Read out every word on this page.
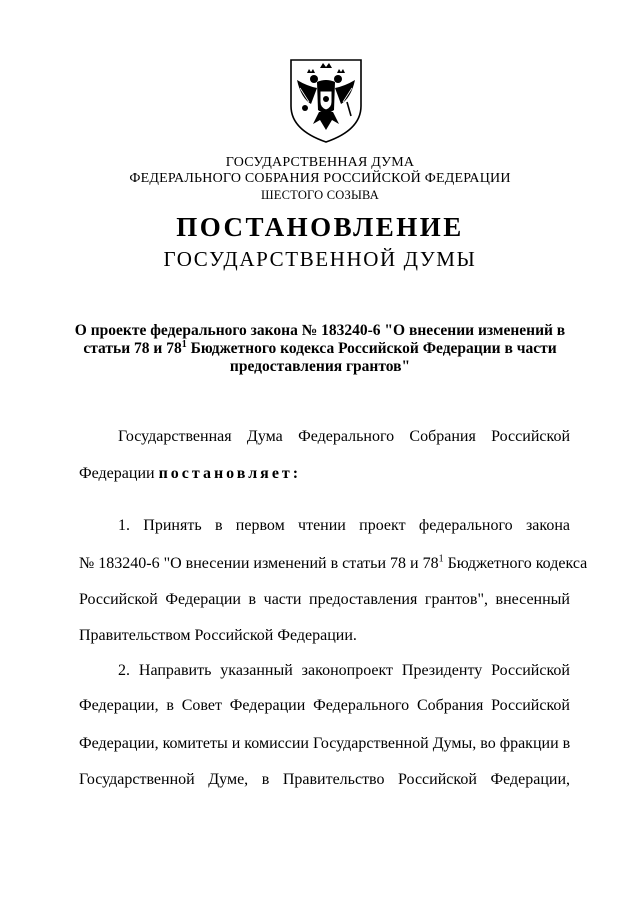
ГОСУДАРСТВЕННАЯ ДУМА
ФЕДЕРАЛЬНОГО СОБРАНИЯ РОССИЙСКОЙ ФЕДЕРАЦИИ
ШЕСТОГО СОЗЫВА
ПОСТАНОВЛЕНИЕ
ГОСУДАРСТВЕННОЙ ДУМЫ
О проекте федерального закона № 183240-6 "О внесении изменений в
статьи 78 и $78^1$ Бюджетного кодекса Российской Федерации в части
предоставления грантов"
Государственная Дума Федерального Собрания Российской
Федерации постановляет:
1. Принять в первом чтении проект федерального закона
№ 183240-6 "О внесении изменений в статьи 78 и $78^1$ Бюджетного кодекса
Российской Федерации в части предоставления грантов", внесенный
Правительством Российской Федерации.
2. Направить указанный законопроект Президенту Российской
Федерации, в Совет Федерации Федерального Собрания Российской
Федерации, комитеты и комиссии Государственной Думы, во фракции в
Государственной Думе, в Правительство Российской Федерации,
